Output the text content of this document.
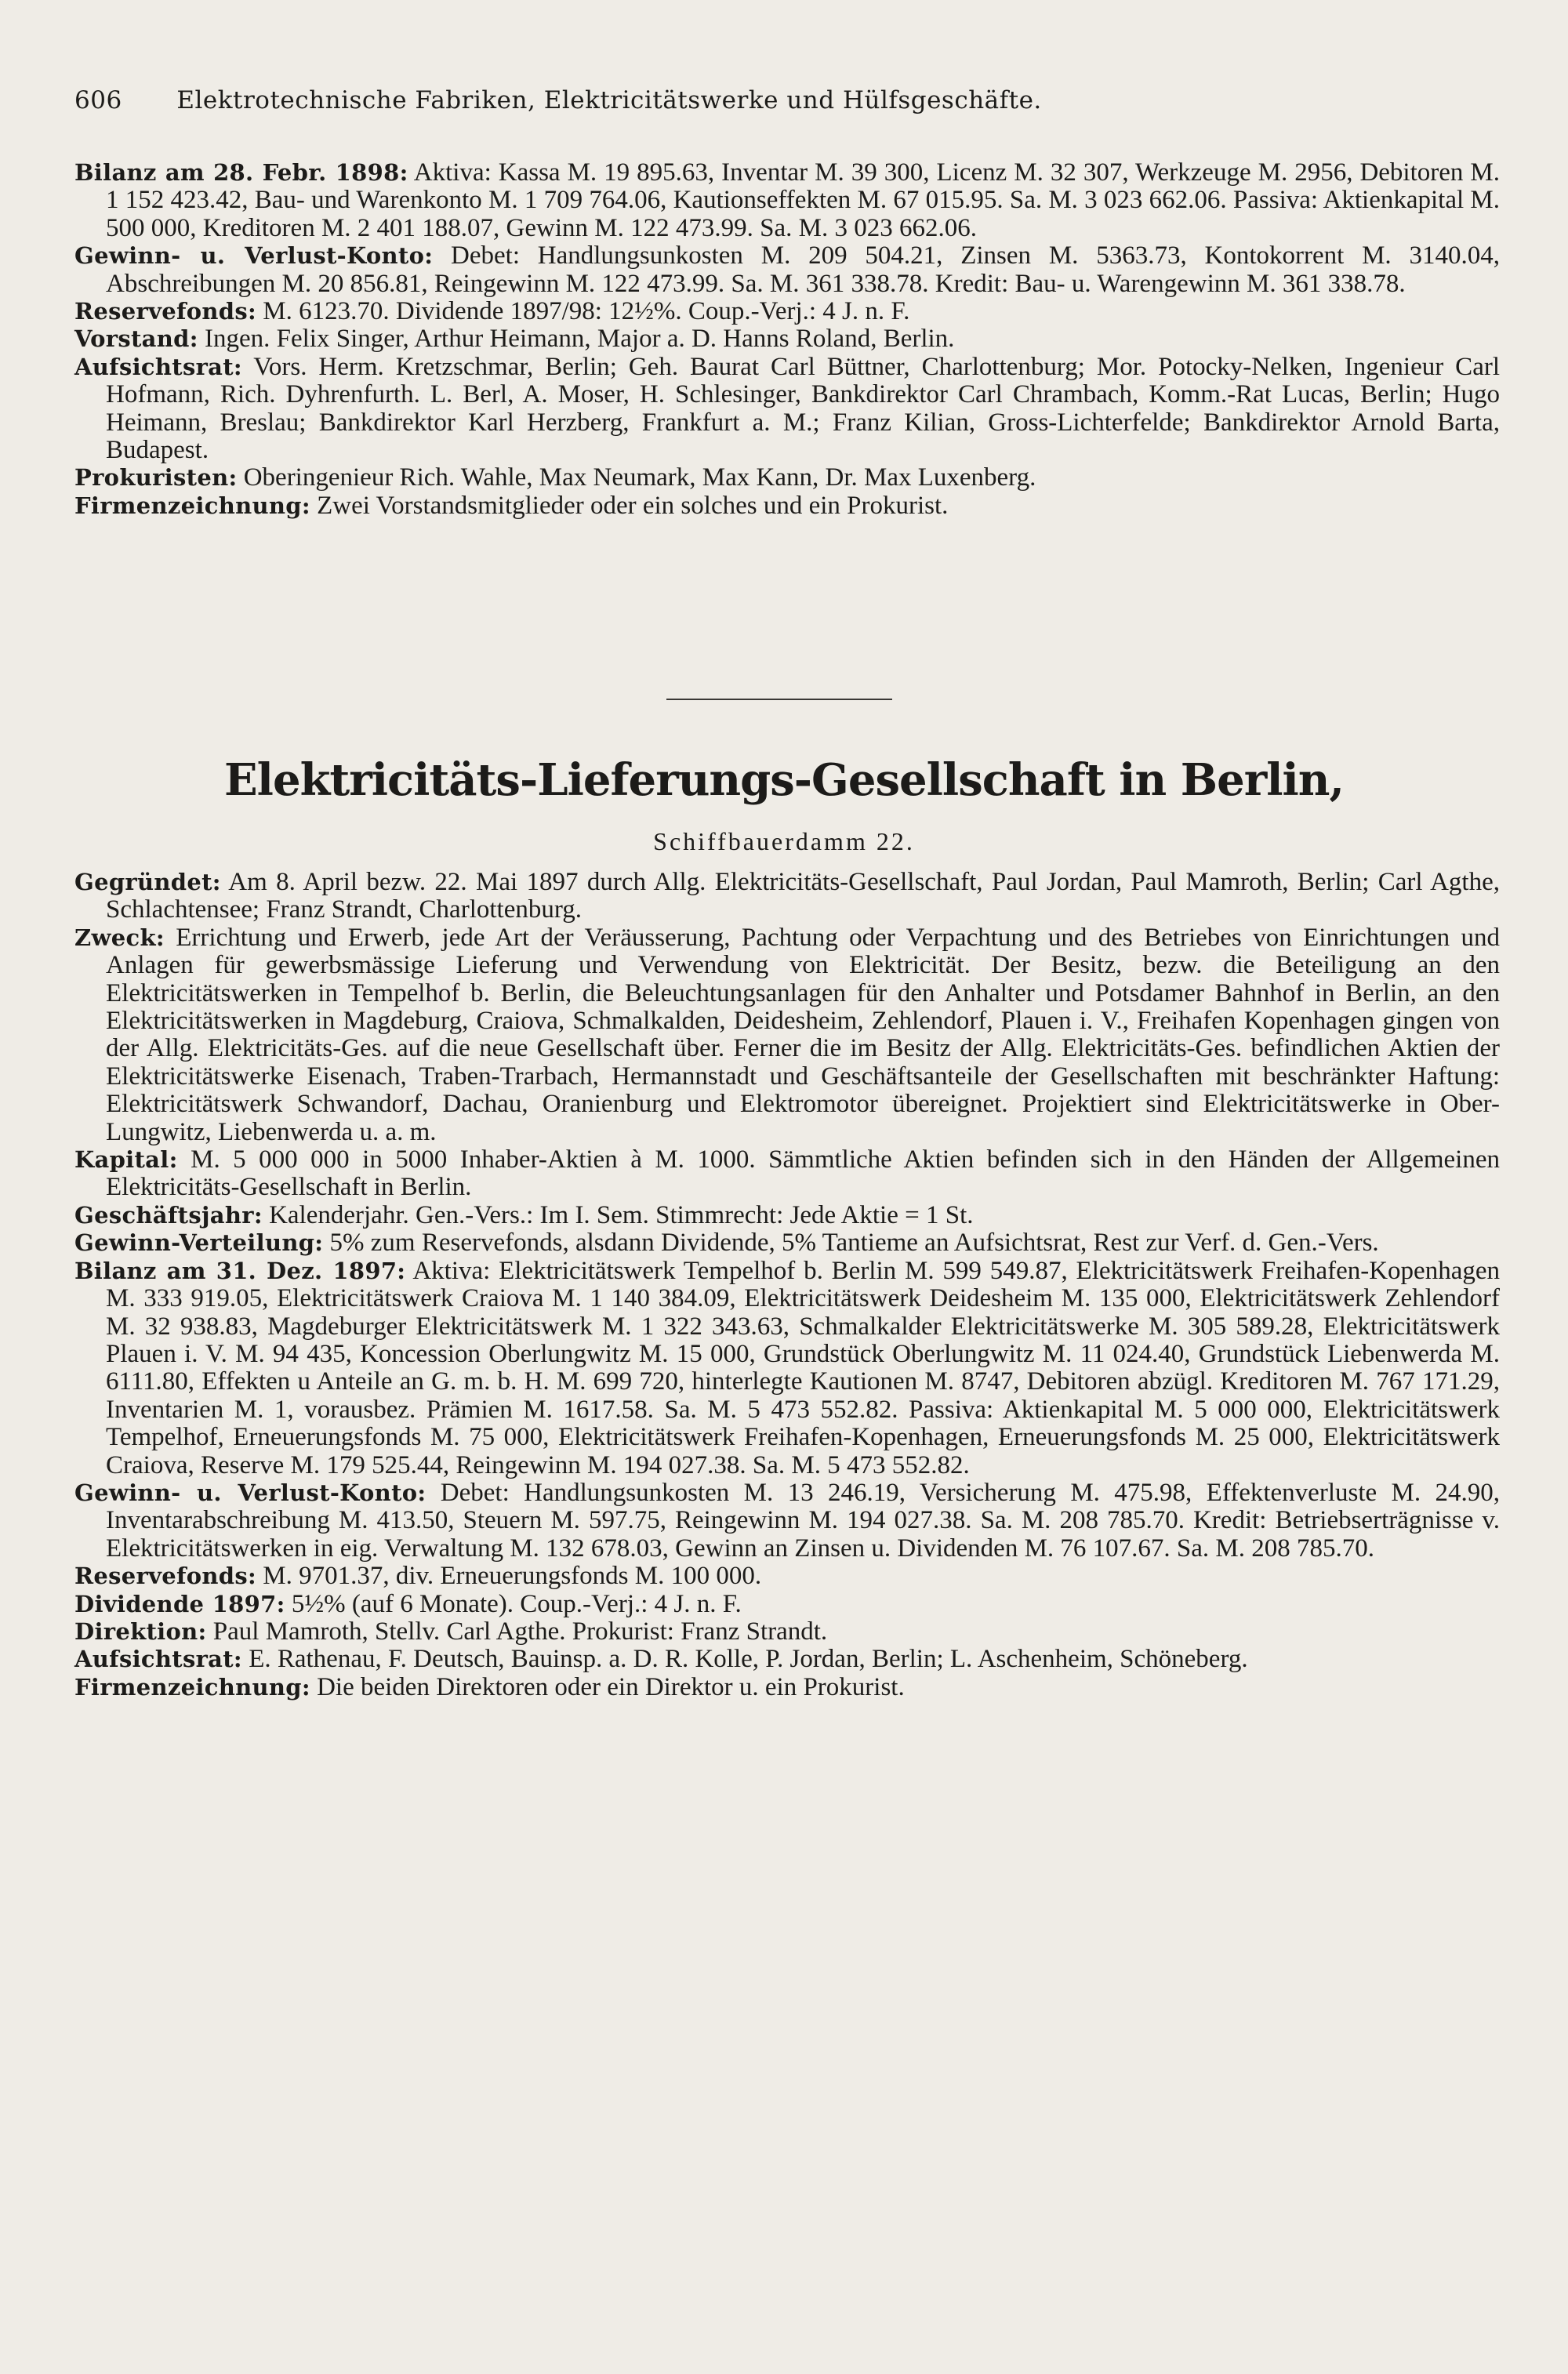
606 Elektrotechnische Fabriken, Elektricitätswerke und Hülfsgeschäfte.
Bilanz am 28. Febr. 1898: Aktiva: Kassa M. 19 895.63, Inventar M. 39 300, Licenz M. 32 307, Werkzeuge M. 2956, Debitoren M. 1 152 423.42, Bau- und Warenkonto M. 1 709 764.06, Kautionseffekten M. 67 015.95. Sa. M. 3 023 662.06. Passiva: Aktienkapital M. 500 000, Kreditoren M. 2 401 188.07, Gewinn M. 122 473.99. Sa. M. 3 023 662.06.
Gewinn- u. Verlust-Konto: Debet: Handlungsunkosten M. 209 504.21, Zinsen M. 5363.73, Kontokorrent M. 3140.04, Abschreibungen M. 20 856.81, Reingewinn M. 122 473.99. Sa. M. 361 338.78. Kredit: Bau- u. Warengewinn M. 361 338.78.
Reservefonds: M. 6123.70. Dividende 1897/98: 12½%. Coup.-Verj.: 4 J. n. F.
Vorstand: Ingen. Felix Singer, Arthur Heimann, Major a. D. Hanns Roland, Berlin.
Aufsichtsrat: Vors. Herm. Kretzschmar, Berlin; Geh. Baurat Carl Büttner, Charlottenburg; Mor. Potocky-Nelken, Ingenieur Carl Hofmann, Rich. Dyhrenfurth. L. Berl, A. Moser, H. Schlesinger, Bankdirektor Carl Chrambach, Komm.-Rat Lucas, Berlin; Hugo Heimann, Breslau; Bankdirektor Karl Herzberg, Frankfurt a. M.; Franz Kilian, Gross-Lichterfelde; Bankdirektor Arnold Barta, Budapest.
Prokuristen: Oberingenieur Rich. Wahle, Max Neumark, Max Kann, Dr. Max Luxenberg.
Firmenzeichnung: Zwei Vorstandsmitglieder oder ein solches und ein Prokurist.
Elektricitäts-Lieferungs-Gesellschaft in Berlin,
Schiffbauerdamm 22.
Gegründet: Am 8. April bezw. 22. Mai 1897 durch Allg. Elektricitäts-Gesellschaft, Paul Jordan, Paul Mamroth, Berlin; Carl Agthe, Schlachtensee; Franz Strandt, Charlottenburg.
Zweck: Errichtung und Erwerb, jede Art der Veräusserung, Pachtung oder Verpachtung und des Betriebes von Einrichtungen und Anlagen für gewerbsmässige Lieferung und Verwendung von Elektricität. Der Besitz, bezw. die Beteiligung an den Elektricitätswerken in Tempelhof b. Berlin, die Beleuchtungsanlagen für den Anhalter und Potsdamer Bahnhof in Berlin, an den Elektricitätswerken in Magdeburg, Craiova, Schmalkalden, Deidesheim, Zehlendorf, Plauen i. V., Freihafen Kopenhagen gingen von der Allg. Elektricitäts-Ges. auf die neue Gesellschaft über. Ferner die im Besitz der Allg. Elektricitäts-Ges. befindlichen Aktien der Elektricitätswerke Eisenach, Traben-Trarbach, Hermannstadt und Geschäftsanteile der Gesellschaften mit beschränkter Haftung: Elektricitätswerk Schwandorf, Dachau, Oranienburg und Elektromotor übereignet. Projektiert sind Elektricitätswerke in Ober-Lungwitz, Liebenwerda u. a. m.
Kapital: M. 5 000 000 in 5000 Inhaber-Aktien à M. 1000. Sämmtliche Aktien befinden sich in den Händen der Allgemeinen Elektricitäts-Gesellschaft in Berlin.
Geschäftsjahr: Kalenderjahr. Gen.-Vers.: Im I. Sem. Stimmrecht: Jede Aktie = 1 St.
Gewinn-Verteilung: 5% zum Reservefonds, alsdann Dividende, 5% Tantieme an Aufsichtsrat, Rest zur Verf. d. Gen.-Vers.
Bilanz am 31. Dez. 1897: Aktiva: Elektricitätswerk Tempelhof b. Berlin M. 599 549.87, Elektricitätswerk Freihafen-Kopenhagen M. 333 919.05, Elektricitätswerk Craiova M. 1 140 384.09, Elektricitätswerk Deidesheim M. 135 000, Elektricitätswerk Zehlendorf M. 32 938.83, Magdeburger Elektricitätswerk M. 1 322 343.63, Schmalkalder Elektricitätswerke M. 305 589.28, Elektricitätswerk Plauen i. V. M. 94 435, Koncession Oberlungwitz M. 15 000, Grundstück Oberlungwitz M. 11 024.40, Grundstück Liebenwerda M. 6111.80, Effekten u Anteile an G. m. b. H. M. 699 720, hinterlegte Kautionen M. 8747, Debitoren abzügl. Kreditoren M. 767 171.29, Inventarien M. 1, vorausbez. Prämien M. 1617.58. Sa. M. 5 473 552.82. Passiva: Aktienkapital M. 5 000 000, Elektricitätswerk Tempelhof, Erneuerungsfonds M. 75 000, Elektricitätswerk Freihafen-Kopenhagen, Erneuerungsfonds M. 25 000, Elektricitätswerk Craiova, Reserve M. 179 525.44, Reingewinn M. 194 027.38. Sa. M. 5 473 552.82.
Gewinn- u. Verlust-Konto: Debet: Handlungsunkosten M. 13 246.19, Versicherung M. 475.98, Effektenverluste M. 24.90, Inventarabschreibung M. 413.50, Steuern M. 597.75, Reingewinn M. 194 027.38. Sa. M. 208 785.70. Kredit: Betriebserträgnisse v. Elektricitätswerken in eig. Verwaltung M. 132 678.03, Gewinn an Zinsen u. Dividenden M. 76 107.67. Sa. M. 208 785.70.
Reservefonds: M. 9701.37, div. Erneuerungsfonds M. 100 000.
Dividende 1897: 5½% (auf 6 Monate). Coup.-Verj.: 4 J. n. F.
Direktion: Paul Mamroth, Stellv. Carl Agthe. Prokurist: Franz Strandt.
Aufsichtsrat: E. Rathenau, F. Deutsch, Bauinsp. a. D. R. Kolle, P. Jordan, Berlin; L. Aschenheim, Schöneberg.
Firmenzeichnung: Die beiden Direktoren oder ein Direktor u. ein Prokurist.
